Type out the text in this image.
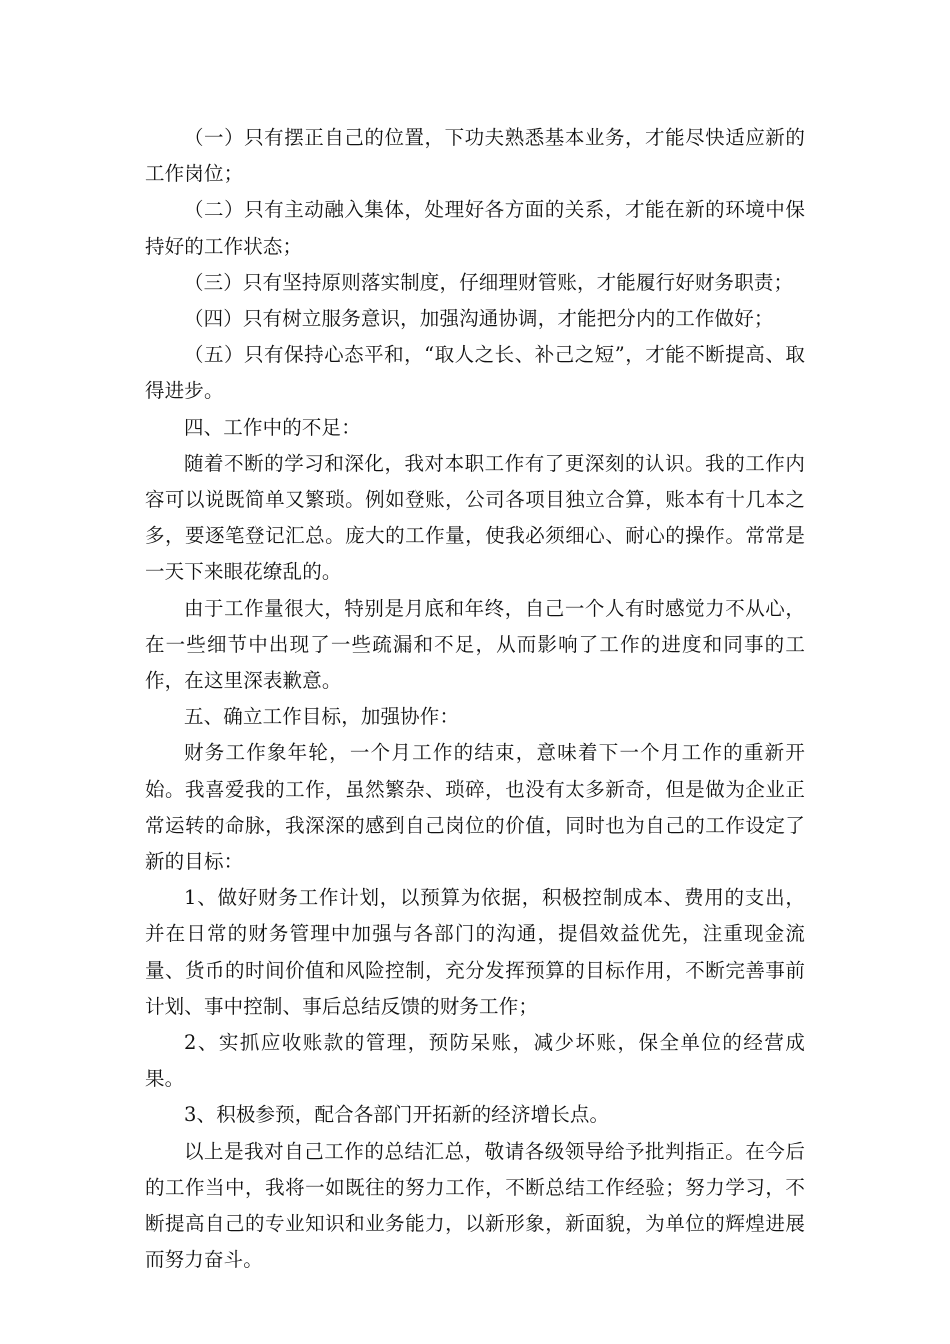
（一）只有摆正自己的位置，下功夫熟悉基本业务，才能尽快适应新的工作岗位；

（二）只有主动融入集体，处理好各方面的关系，才能在新的环境中保持好的工作状态；

（三）只有坚持原则落实制度，仔细理财管账，才能履行好财务职责；

（四）只有树立服务意识，加强沟通协调，才能把分内的工作做好；

（五）只有保持心态平和，“取人之长、补己之短”，才能不断提高、取得进步。

四、工作中的不足：

随着不断的学习和深化，我对本职工作有了更深刻的认识。我的工作内容可以说既简单又繁琐。例如登账，公司各项目独立合算，账本有十几本之多，要逐笔登记汇总。庞大的工作量，使我必须细心、耐心的操作。常常是一天下来眼花缭乱的。

由于工作量很大，特别是月底和年终，自己一个人有时感觉力不从心，在一些细节中出现了一些疏漏和不足，从而影响了工作的进度和同事的工作，在这里深表歉意。

五、确立工作目标，加强协作：

财务工作象年轮，一个月工作的结束，意味着下一个月工作的重新开始。我喜爱我的工作，虽然繁杂、琐碎，也没有太多新奇，但是做为企业正常运转的命脉，我深深的感到自己岗位的价值，同时也为自己的工作设定了新的目标：

1、做好财务工作计划，以预算为依据，积极控制成本、费用的支出，并在日常的财务管理中加强与各部门的沟通，提倡效益优先，注重现金流量、货币的时间价值和风险控制，充分发挥预算的目标作用，不断完善事前计划、事中控制、事后总结反馈的财务工作；

2、实抓应收账款的管理，预防呆账，减少坏账，保全单位的经营成果。

3、积极参预，配合各部门开拓新的经济增长点。

以上是我对自己工作的总结汇总，敬请各级领导给予批判指正。在今后的工作当中，我将一如既往的努力工作，不断总结工作经验；努力学习，不断提高自己的专业知识和业务能力，以新形象，新面貌，为单位的辉煌进展而努力奋斗。
